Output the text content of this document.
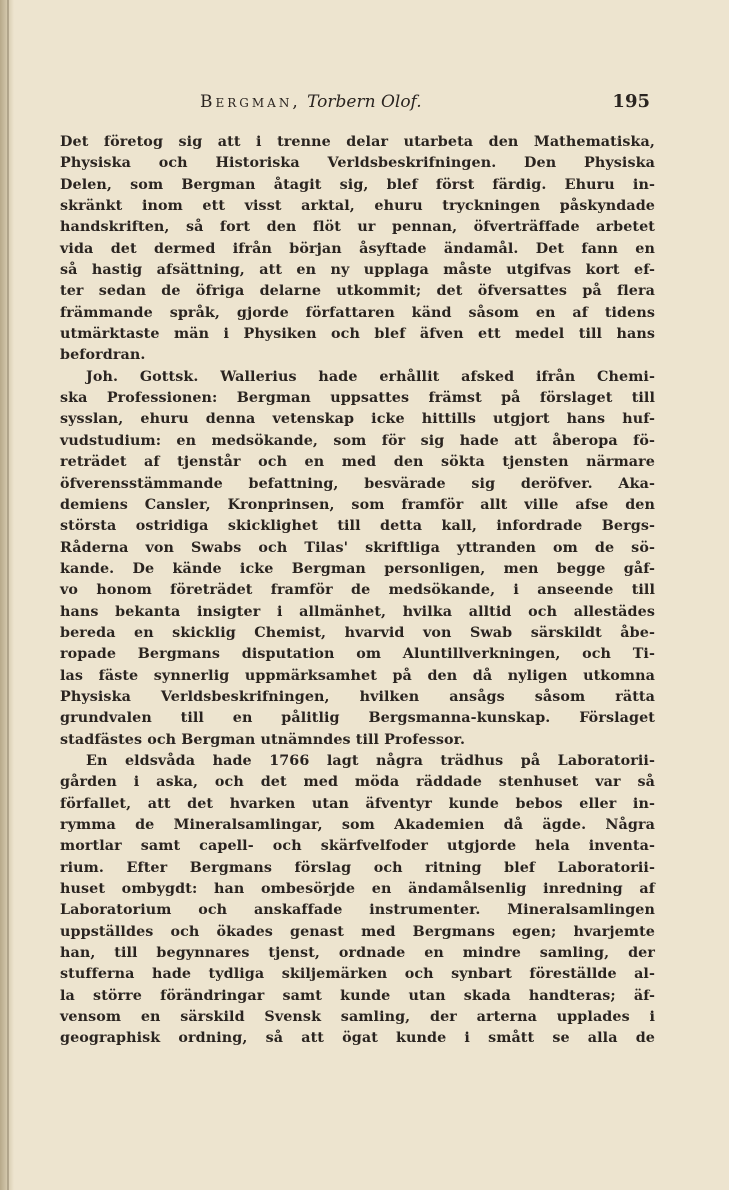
Bergman, Torbern Olof.	195
Det företog sig att i trenne delar utarbeta den Mathematiska,
Physiska och Historiska Verldsbeskrifningen. Den Physiska
Delen, som Bergman åtagit sig, blef först färdig. Ehuru in-
skränkt inom ett visst arktal, ehuru tryckningen påskyndade
handskriften, så fort den flöt ur pennan, öfverträffade arbetet
vida det dermed ifrån början åsyftade ändamål. Det fann en
så hastig afsättning, att en ny upplaga måste utgifvas kort ef-
ter sedan de öfriga delarne utkommit; det öfversattes på flera
främmande språk, gjorde författaren känd såsom en af tidens
utmärktaste män i Physiken och blef äfven ett medel till hans
befordran.
Joh. Gottsk. Wallerius hade erhållit afsked ifrån Chemi-
ska Professionen: Bergman uppsattes främst på förslaget till
sysslan, ehuru denna vetenskap icke hittills utgjort hans huf-
vudstudium: en medsökande, som för sig hade att åberopa fö-
reträdet af tjenstår och en med den sökta tjensten närmare
öfverensstämmande befattning, besvärade sig deröfver. Aka-
demiens Cansler, Kronprinsen, som framför allt ville afse den
största ostridiga skicklighet till detta kall, infordrade Bergs-
Råderna von Swabs och Tilas' skriftliga yttranden om de sö-
kande. De kände icke Bergman personligen, men begge gåf-
vo honom företrädet framför de medsökande, i anseende till
hans bekanta insigter i allmänhet, hvilka alltid och allestädes
bereda en skicklig Chemist, hvarvid von Swab särskildt åbe-
ropade Bergmans disputation om Aluntillverkningen, och Ti-
las fäste synnerlig uppmärksamhet på den då nyligen utkomna
Physiska Verldsbeskrifningen, hvilken ansågs såsom rätta
grundvalen till en pålitlig Bergsmanna-kunskap. Förslaget
stadfästes och Bergman utnämndes till Professor.
En eldsvåda hade 1766 lagt några trädhus på Laboratorii-
gården i aska, och det med möda räddade stenhuset var så
förfallet, att det hvarken utan äfventyr kunde bebos eller in-
rymma de Mineralsamlingar, som Akademien då ägde. Några
mortlar samt capell- och skärfvelfoder utgjorde hela inventa-
rium. Efter Bergmans förslag och ritning blef Laboratorii-
huset ombygdt: han ombesörjde en ändamålsenlig inredning af
Laboratorium och anskaffade instrumenter. Mineralsamlingen
uppställdes och ökades genast med Bergmans egen; hvarjemte
han, till begynnares tjenst, ordnade en mindre samling, der
stufferna hade tydliga skiljemärken och synbart föreställde al-
la större förändringar samt kunde utan skada handteras; äf-
vensom en särskild Svensk samling, der arterna upplades i
geographisk ordning, så att ögat kunde i smått se alla de
